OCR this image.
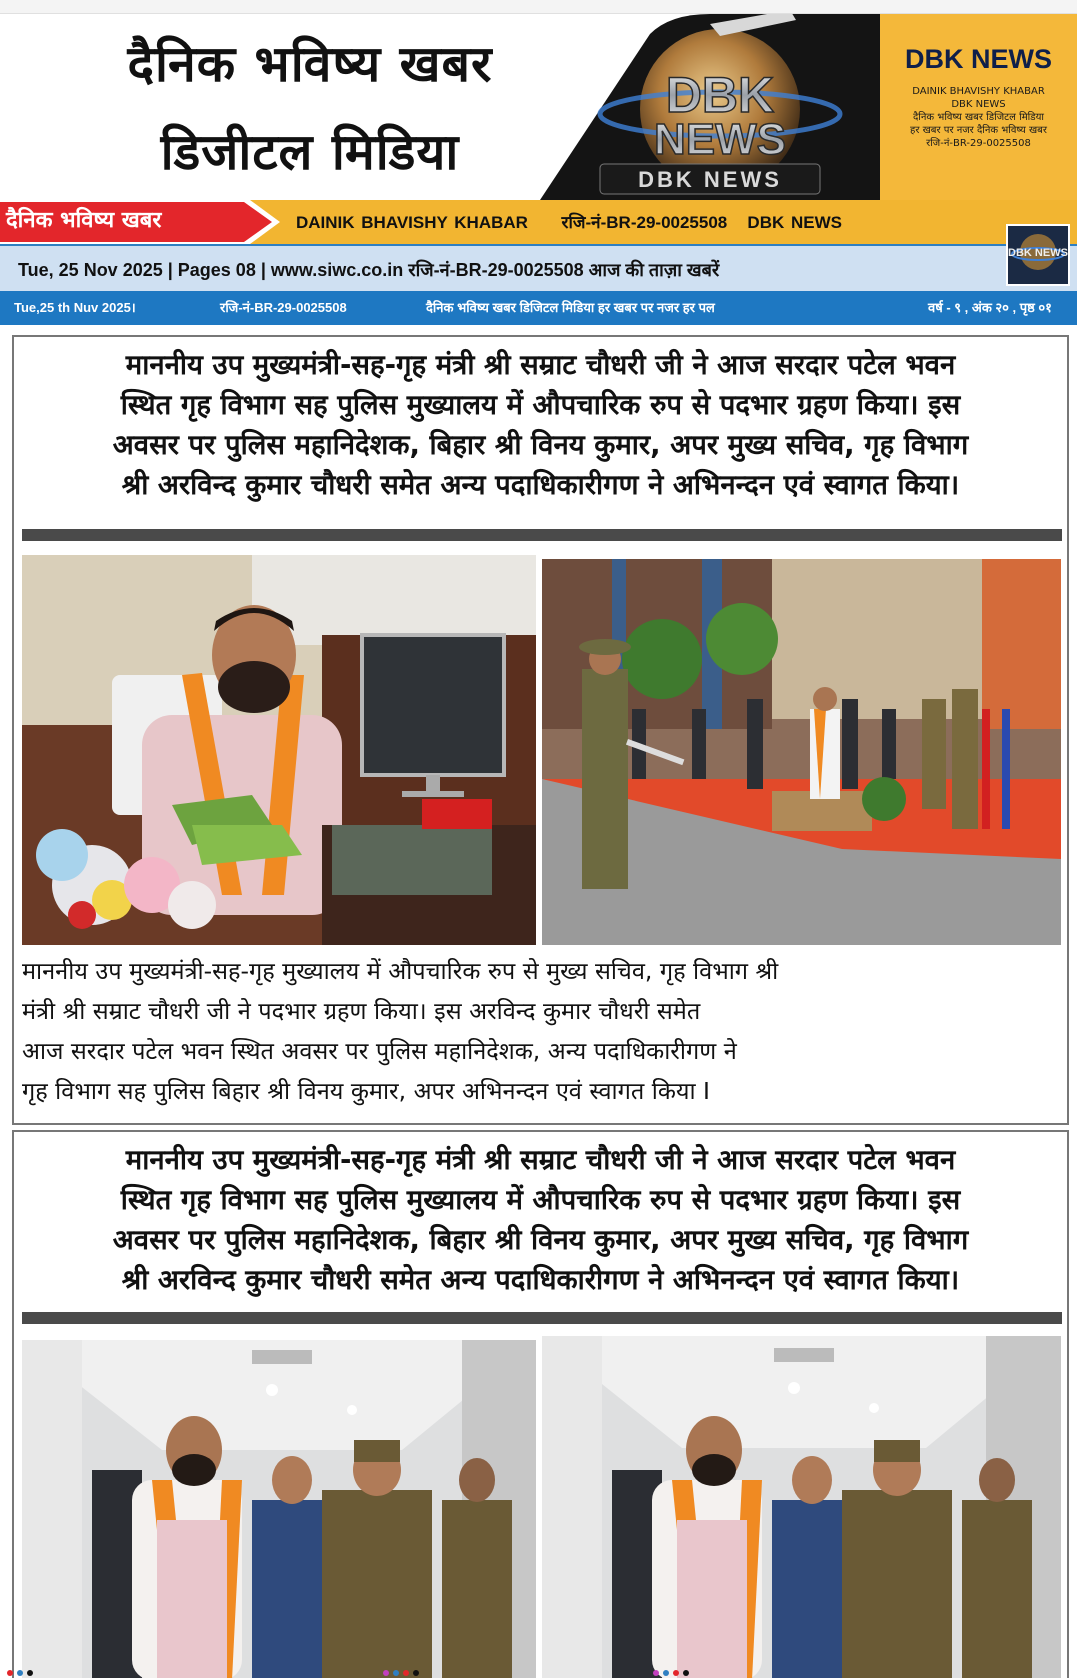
दैनिक भविष्य खबर
डिजीटल मिडिया
DBK
NEWS
DBK NEWS
DBK NEWS
DAINIK BHAVISHY KHABAR
DBK NEWS
दैनिक भविष्य खबर डिजिटल मिडिया
हर खबर पर नजर दैनिक भविष्य खबर
रजि-नं-BR-29-0025508
दैनिक भविष्य खबर	DAINIK BHAVISHY KHABAR     रजि-नं-BR-29-0025508   DBK NEWS
Tue, 25 Nov 2025 | Pages 08 | www.siwc.co.in रजि-नं-BR-29-0025508 आज की ताज़ा खबरें
DBK NEWS
Tue,25 th Nuv 2025।	रजि-नं-BR-29-0025508	दैनिक भविष्य खबर डिजिटल मिडिया हर खबर पर नजर हर पल	वर्ष - ९ , अंक २० , पृष्ठ ०१
माननीय उप मुख्यमंत्री-सह-गृह मंत्री श्री सम्राट चौधरी जी ने आज सरदार पटेल भवन
स्थित गृह विभाग सह पुलिस मुख्यालय में औपचारिक रुप से पदभार ग्रहण किया। इस
अवसर पर पुलिस महानिदेशक, बिहार श्री विनय कुमार, अपर मुख्य सचिव, गृह विभाग
श्री अरविन्द कुमार चौधरी समेत अन्य पदाधिकारीगण ने अभिनन्दन एवं स्वागत किया।
माननीय उप मुख्यमंत्री-सह-गृह मुख्यालय में औपचारिक रुप से मुख्य सचिव, गृह विभाग श्री
मंत्री श्री सम्राट चौधरी जी ने पदभार ग्रहण किया। इस अरविन्द कुमार चौधरी समेत
आज सरदार पटेल भवन स्थित अवसर पर पुलिस महानिदेशक, अन्य पदाधिकारीगण ने
गृह विभाग सह पुलिस बिहार श्री विनय कुमार, अपर अभिनन्दन एवं स्वागत किया I
माननीय उप मुख्यमंत्री-सह-गृह मंत्री श्री सम्राट चौधरी जी ने आज सरदार पटेल भवन
स्थित गृह विभाग सह पुलिस मुख्यालय में औपचारिक रुप से पदभार ग्रहण किया। इस
अवसर पर पुलिस महानिदेशक, बिहार श्री विनय कुमार, अपर मुख्य सचिव, गृह विभाग
श्री अरविन्द कुमार चौधरी समेत अन्य पदाधिकारीगण ने अभिनन्दन एवं स्वागत किया।
